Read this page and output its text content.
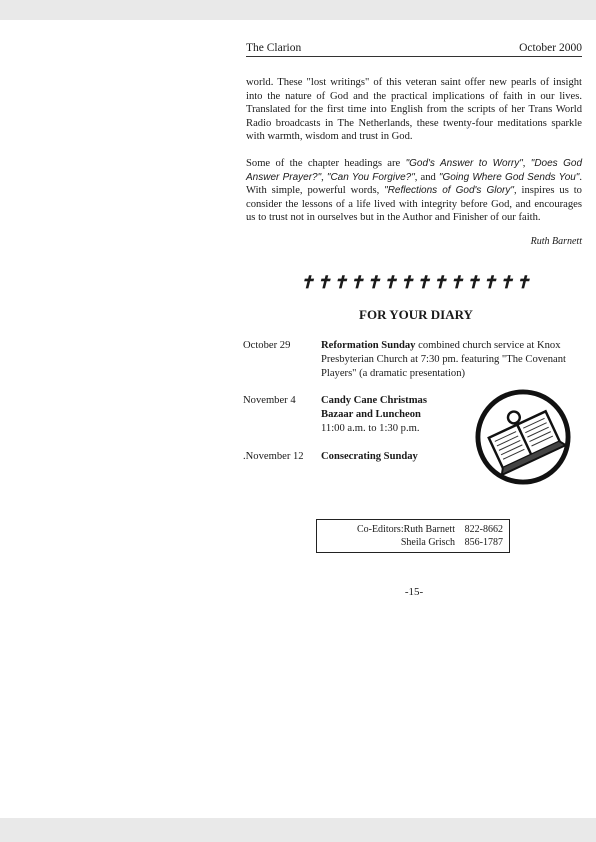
The Clarion	October 2000

world. These "lost writings" of this veteran saint offer new pearls of insight into the nature of God and the practical implications of faith in our lives. Translated for the first time into English from the scripts of her Trans World Radio broadcasts in The Netherlands, these twenty-four meditations sparkle with warmth, wisdom and trust in God.

Some of the chapter headings are "God's Answer to Worry", "Does God Answer Prayer?", "Can You Forgive?", and "Going Where God Sends You". With simple, powerful words, "Reflections of God's Glory", inspires us to consider the lessons of a life lived with integrity before God, and encourages us to trust not in ourselves but in the Author and Finisher of our faith.

Ruth Barnett
✝ ✝ ✝ ✝ ✝ ✝ ✝ ✝ ✝ ✝ ✝ ✝ ✝ ✝
FOR YOUR DIARY
October 29	Reformation Sunday combined church service at Knox Presbyterian Church at 7:30 pm. featuring "The Covenant Players" (a dramatic presentation)
November 4	Candy Cane Christmas Bazaar and Luncheon
11:00 a.m. to 1:30 p.m.
.November 12	Consecrating Sunday
Co-Editors:Ruth Barnett 822-8662
Sheila Grisch 856-1787
-15-
